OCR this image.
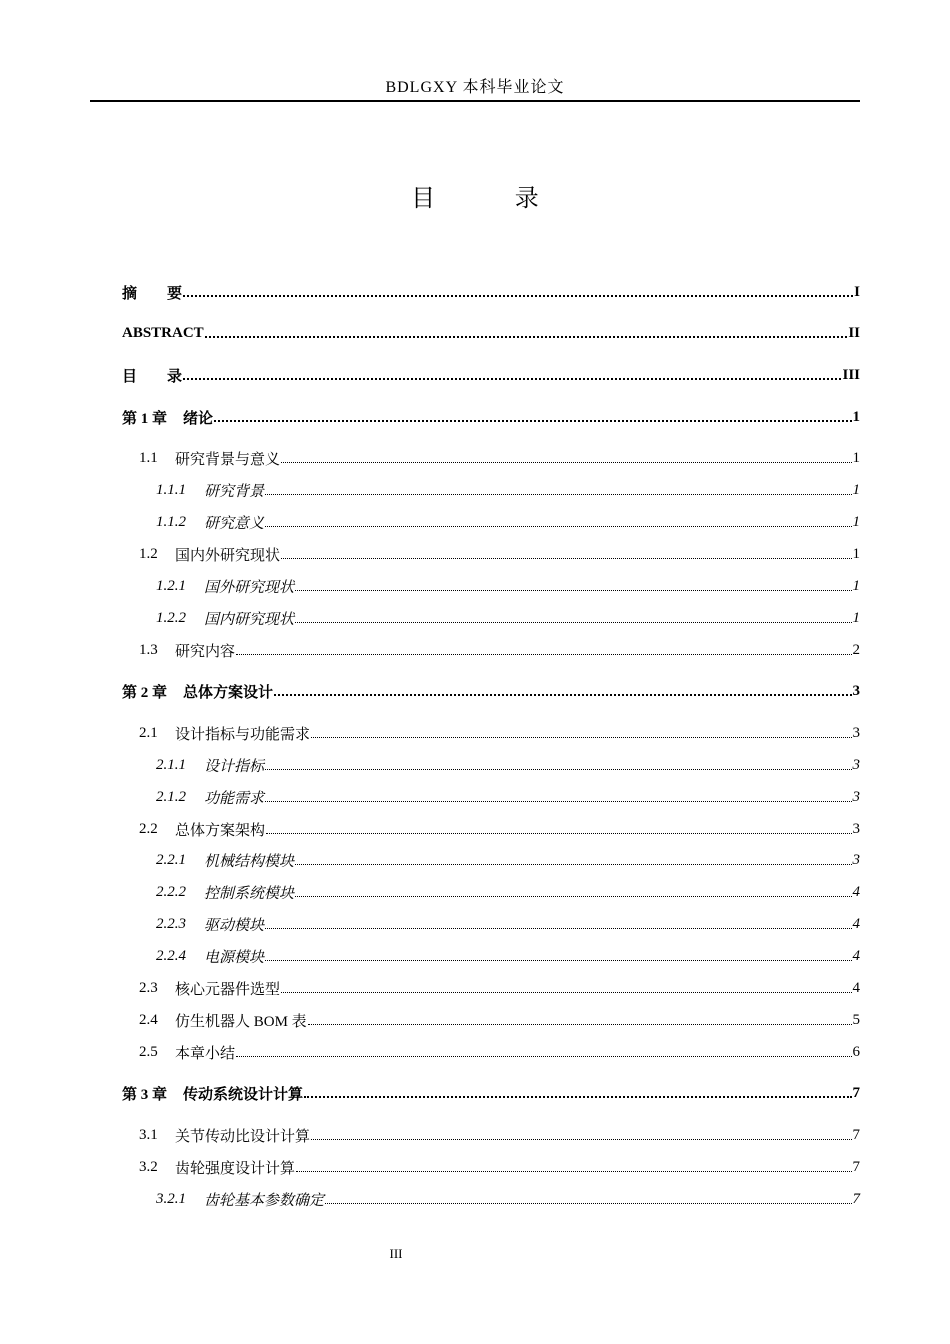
BDLGXY 本科毕业论文
目 录
摘　　要	I
ABSTRACT	II
目　　录	III
第 1 章 绪论	1
1.1	研究背景与意义	1
1.1.1	研究背景	1
1.1.2	研究意义	1
1.2	国内外研究现状	1
1.2.1	国外研究现状	1
1.2.2	国内研究现状	1
1.3	研究内容	2
第 2 章 总体方案设计	3
2.1	设计指标与功能需求	3
2.1.1	设计指标	3
2.1.2	功能需求	3
2.2	总体方案架构	3
2.2.1	机械结构模块	3
2.2.2	控制系统模块	4
2.2.3	驱动模块	4
2.2.4	电源模块	4
2.3	核心元器件选型	4
2.4	仿生机器人 BOM 表	5
2.5	本章小结	6
第 3 章 传动系统设计计算	7
3.1	关节传动比设计计算	7
3.2	齿轮强度设计计算	7
3.2.1	齿轮基本参数确定	7
III
